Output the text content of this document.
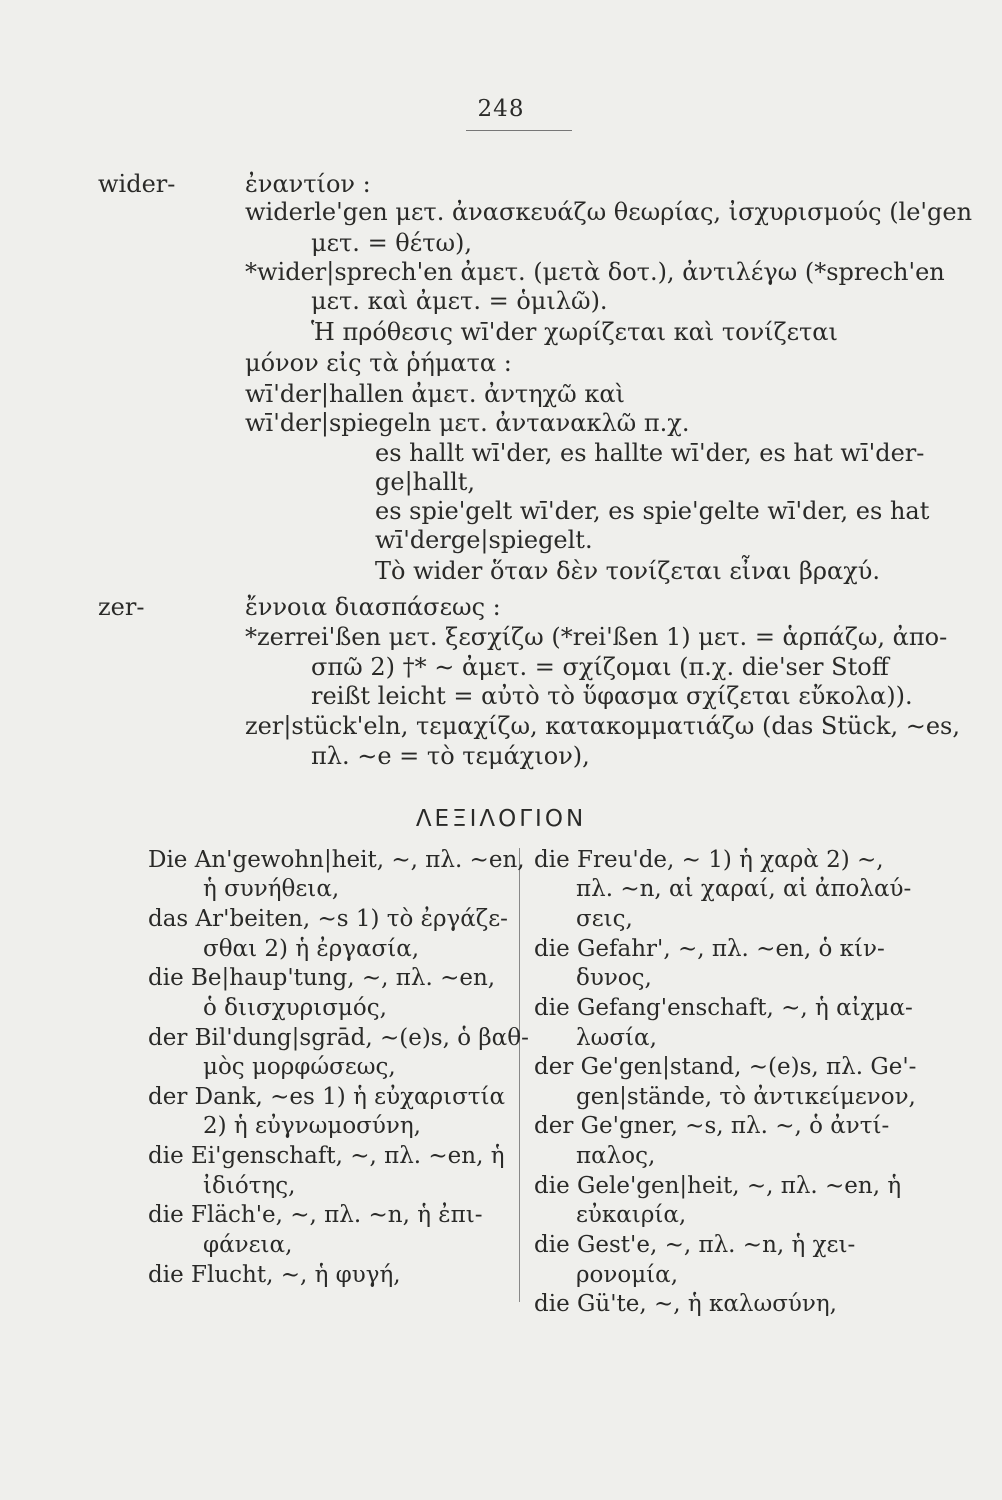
248
wider-	ἐναντίον :
widerle'gen μετ. ἀνασκευάζω θεωρίας, ἰσχυρισμούς (le'gen
μετ. = θέτω),
*wider|sprech'en ἀμετ. (μετὰ δοτ.), ἀντιλέγω (*sprech'en
μετ. καὶ ἀμετ. = ὁμιλῶ).
Ἡ πρόθεσις wī'der χωρίζεται καὶ τονίζεται
μόνον εἰς τὰ ῥήματα :
wī'der|hallen ἀμετ. ἀντηχῶ καὶ
wī'der|spiegeln μετ. ἀντανακλῶ π.χ.
es hallt wī'der, es hallte wī'der, es hat wī'der-
ge|hallt,
es spie'gelt wī'der, es spie'gelte wī'der, es hat
wī'derge|spiegelt.
Τὸ wider ὅταν δὲν τονίζεται εἶναι βραχύ.
zer-	ἔννοια διασπάσεως :
*zerrei'ßen μετ. ξεσχίζω (*rei'ßen 1) μετ. = ἁρπάζω, ἀπο-
σπῶ 2) †* ∼ ἀμετ. = σχίζομαι (π.χ. die'ser Stoff
reißt leicht = αὐτὸ τὸ ὕφασμα σχίζεται εὔκολα)).
zer|stück'eln, τεμαχίζω, κατακομματιάζω (das Stück, ∼es,
πλ. ∼e = τὸ τεμάχιον),
ΛΕΞΙΛΟΓΙΟΝ
Die An'gewohn|heit, ∼, πλ. ∼en,
ἡ συνήθεια,
das Ar'beiten, ∼s 1) τὸ ἐργάζε-
σθαι 2) ἡ ἐργασία,
die Be|haup'tung, ∼, πλ. ∼en,
ὁ διισχυρισμός,
der Bil'dung|sgrād, ∼(e)s, ὁ βαθ-
μὸς μορφώσεως,
der Dank, ∼es 1) ἡ εὐχαριστία
2) ἡ εὐγνωμοσύνη,
die Ei'genschaft, ∼, πλ. ∼en, ἡ
ἰδιότης,
die Fläch'e, ∼, πλ. ∼n, ἡ ἐπι-
φάνεια,
die Flucht, ∼, ἡ φυγή,
die Freu'de, ∼ 1) ἡ χαρὰ 2) ∼,
πλ. ∼n, αἱ χαραί, αἱ ἀπολαύ-
σεις,
die Gefahr', ∼, πλ. ∼en, ὁ κίν-
δυνος,
die Gefang'enschaft, ∼, ἡ αἰχμα-
λωσία,
der Ge'gen|stand, ∼(e)s, πλ. Ge'-
gen|stände, τὸ ἀντικείμενον,
der Ge'gner, ∼s, πλ. ∼, ὁ ἀντί-
παλος,
die Gele'gen|heit, ∼, πλ. ∼en, ἡ
εὐκαιρία,
die Gest'e, ∼, πλ. ∼n, ἡ χει-
ρονομία,
die Gü'te, ∼, ἡ καλωσύνη,
